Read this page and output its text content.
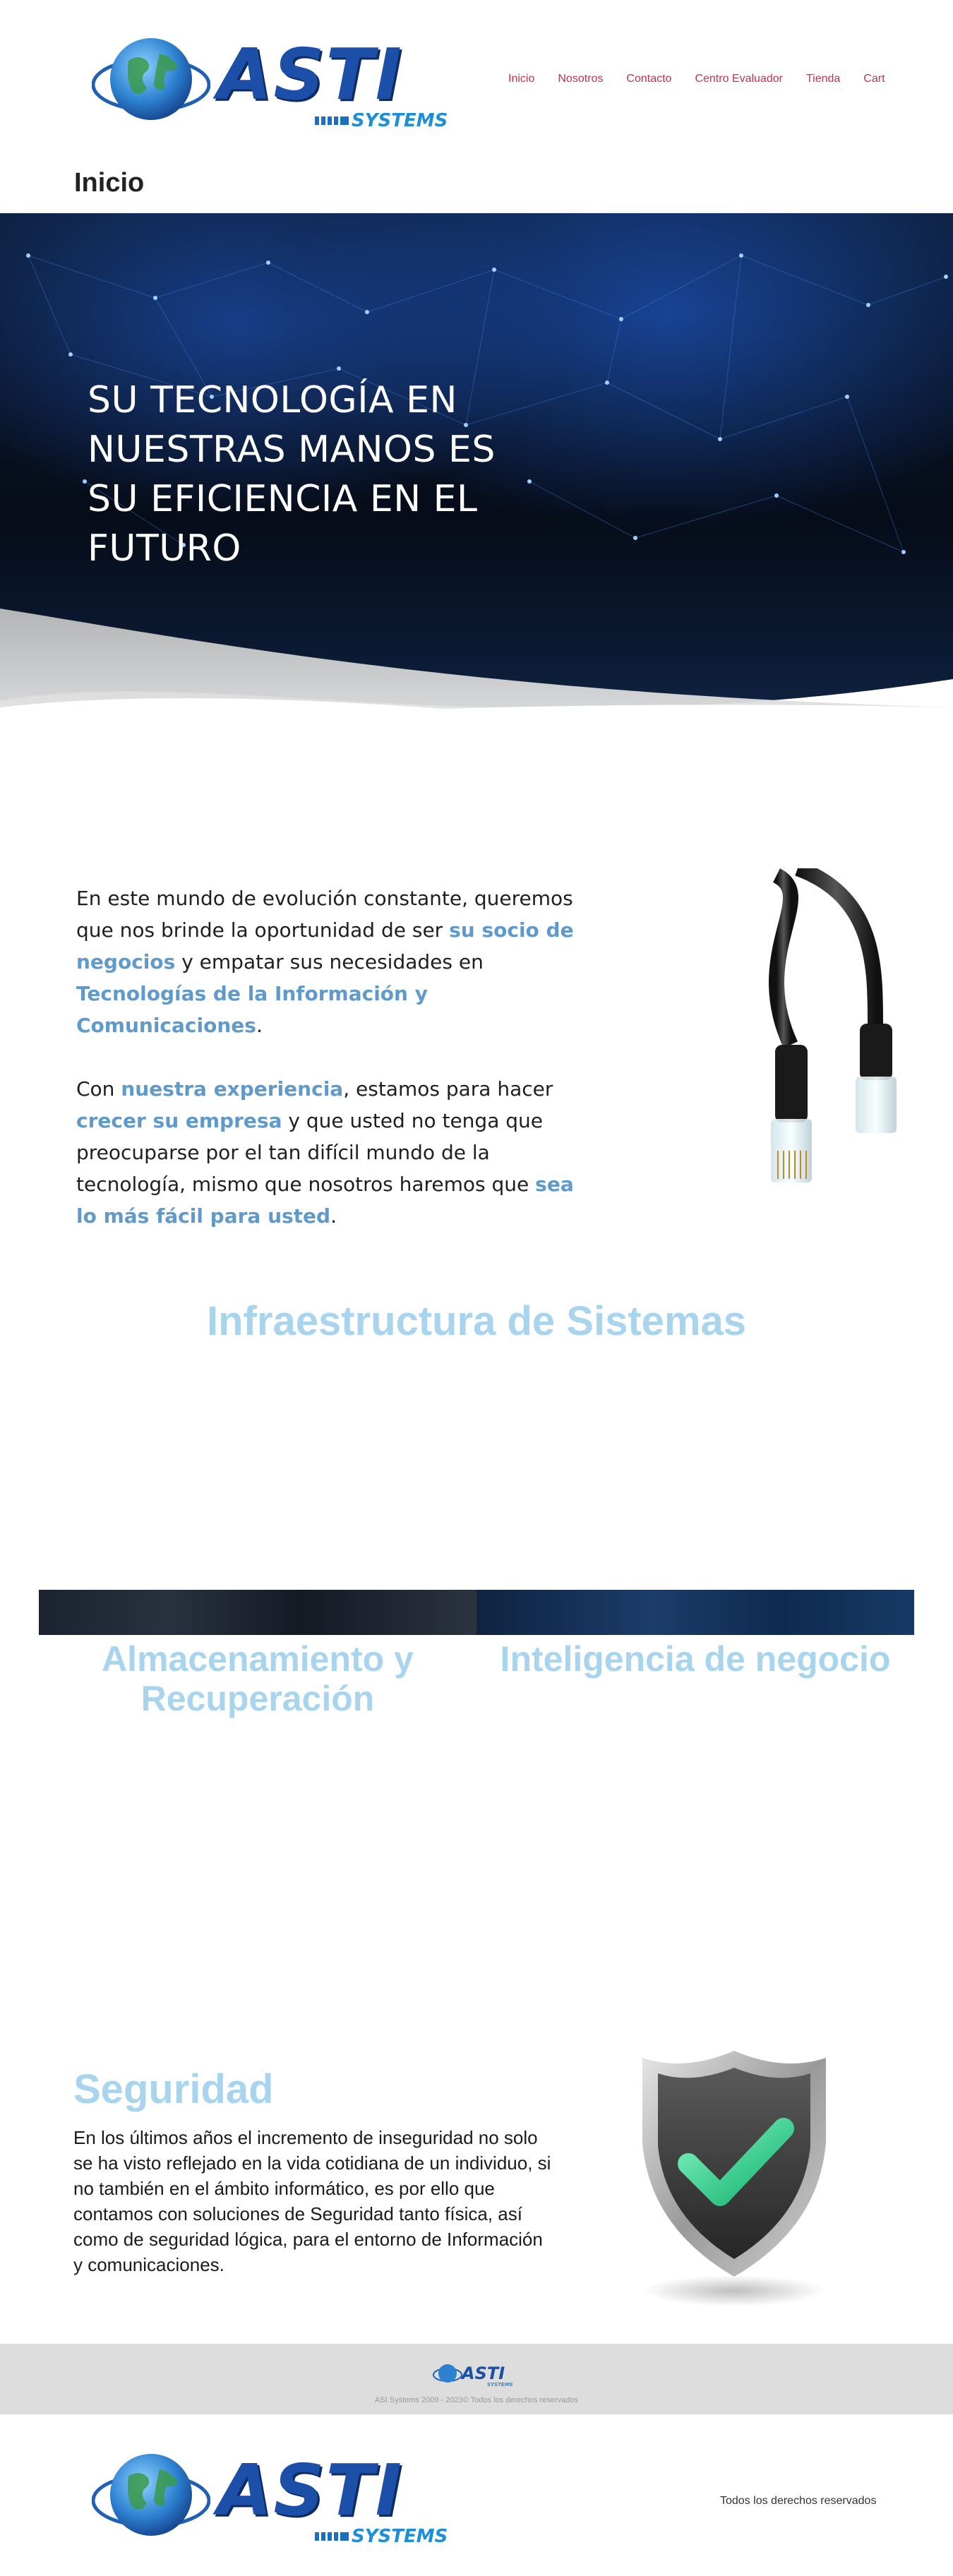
ASTI
SYSTEMS
Inicio Nosotros Contacto Centro Evaluador Tienda Cart
Inicio
SU TECNOLOGÍA EN NUESTRAS MANOS ES SU EFICIENCIA EN EL FUTURO

En este mundo de evolución constante, queremos que nos brinde la oportunidad de ser su socio de negocios y empatar sus necesidades en Tecnologías de la Información y Comunicaciones.

Con nuestra experiencia, estamos para hacer crecer su empresa y que usted no tenga que preocuparse por el tan difícil mundo de la tecnología, mismo que nosotros haremos que sea lo más fácil para usted.

Infraestructura de Sistemas
Almacenamiento y Recuperación
Inteligencia de negocio
Seguridad

En los últimos años el incremento de inseguridad no solo se ha visto reflejado en la vida cotidiana de un individuo, si no también en el ámbito informático, es por ello que contamos con soluciones de Seguridad tanto física, así como de seguridad lógica, para el entorno de Información y comunicaciones.

ASTI
SYSTEMS
ASI Systems 2009 - 2023© Todos los derechos reservados
ASTI
SYSTEMS
Todos los derechos reservados
